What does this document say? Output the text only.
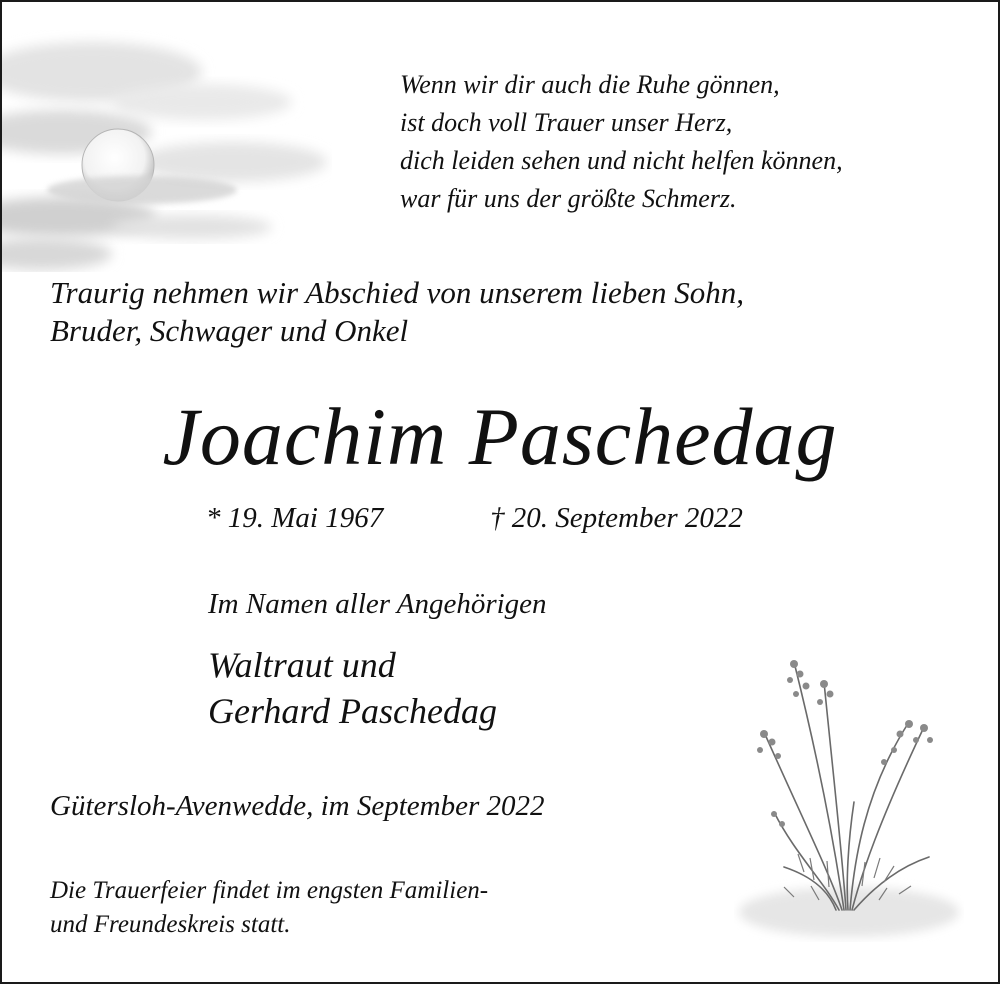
Wenn wir dir auch die Ruhe gönnen,
ist doch voll Trauer unser Herz,
dich leiden sehen und nicht helfen können,
war für uns der größte Schmerz.
Traurig nehmen wir Abschied von unserem lieben Sohn,
Bruder, Schwager und Onkel
Joachim Paschedag
* 19. Mai 1967	† 20. September 2022
Im Namen aller Angehörigen
Waltraut und
Gerhard Paschedag
Gütersloh-Avenwedde, im September 2022
Die Trauerfeier findet im engsten Familien-
und Freundeskreis statt.
